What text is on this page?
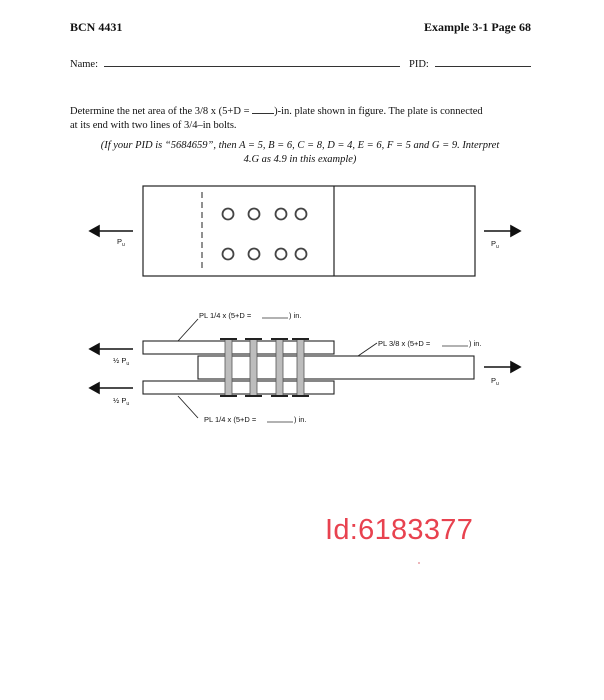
BCN 4431	Example 3-1 Page 68
Name:	PID:
Determine the net area of the 3/8 x (5+D = )-in. plate shown in figure. The plate is connected
at its end with two lines of 3/4–in bolts.
(If your PID is “5684659”, then A = 5, B = 6, C = 8, D = 4, E = 6, F = 5 and G = 9. Interpret
4.G as 4.9 in this example)
$P_u$	$P_u$
PL 1/4 x (5+D =	) in.
PL 3/8 x (5+D =	) in.
PL 1/4 x (5+D =	) in.
½ $P_u$
½ $P_u$
$P_u$
Id:6183377
